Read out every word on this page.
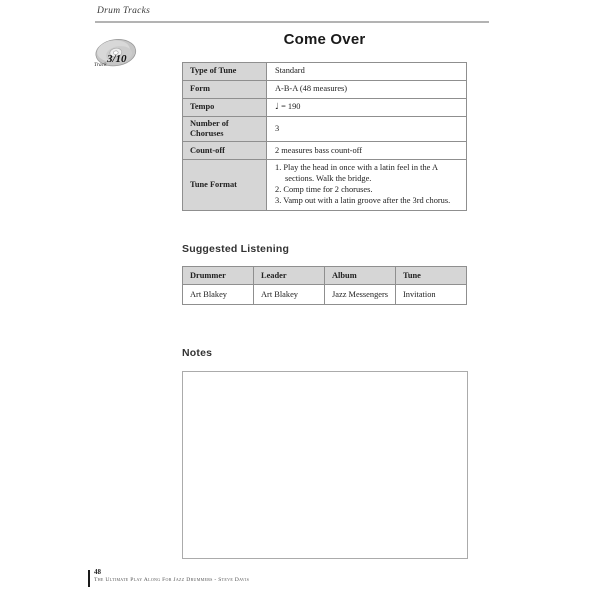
Drum Tracks
Track 3/10
Come Over
Type of Tune	Standard
Form	A-B-A (48 measures)
Tempo	♩ = 190
Number of Choruses	3
Count-off	2 measures bass count-off
Tune Format	1. Play the head in once with a latin feel in the A sections. Walk the bridge.
2. Comp time for 2 choruses.
3. Vamp out with a latin groove after the 3rd chorus.
Suggested Listening
Drummer	Leader	Album	Tune
Art Blakey	Art Blakey	Jazz Messengers	Invitation
Notes
48
The Ultimate Play Along For Jazz Drummers - Steve Davis
